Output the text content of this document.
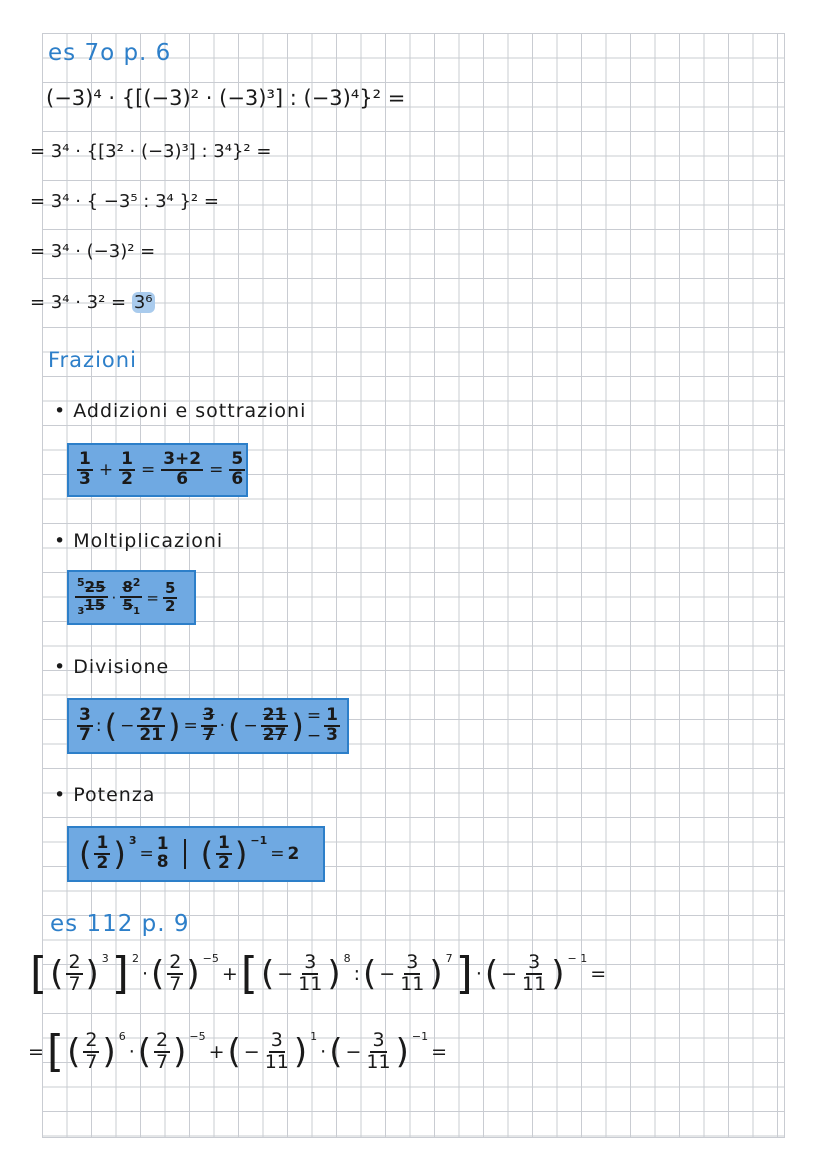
es 7o p. 6
(−3)⁴ · {[(−3)² · (−3)³] : (−3)⁴}² =
= 3⁴ · {[3² · (−3)³] : 3⁴}² =
= 3⁴ · { −3⁵ : 3⁴ }² =
= 3⁴ · (−3)² =
= 3⁴ · 3² = 3⁶
Frazioni
• Addizioni e sottrazioni
$\frac{1}{3} + \frac{1}{2} = \frac{3+2}{6} = \frac{5}{6}$
• Moltiplicazioni
$\frac{^525}{_315} \cdot \frac{8^2}{5_1} = \frac{5}{2}$
• Divisione
$\frac{3}{7}$ : ( − $\frac{27}{21}$ ) = $\frac{3}{7}$ · ( − $\frac{21}{27}$ ) = − $\frac{1}{3}$
• Potenza
( $\frac{1}{2}$ ) $^3$
= 1
8 ( $\frac{1}{2}$ ) $^{-1}$
= 2
es 112 p. 9
[ ( $\frac{2}{7}$ ) $^3$ ] $^2$
· ( $\frac{2}{7}$ ) $^{-5}$
+ [ ( − $\frac{3}{11}$ ) $^8$
: ( − $\frac{3}{11}$ ) $^7$ ] · ( − $\frac{3}{11}$ ) $^{- 1}$
=
= [ ( $\frac{2}{7}$ ) $^6$
· ( $\frac{2}{7}$ ) $^{-5}$
+ ( − $\frac{3}{11}$ ) $^1$
· ( − $\frac{3}{11}$ ) $^{-1}$
=
